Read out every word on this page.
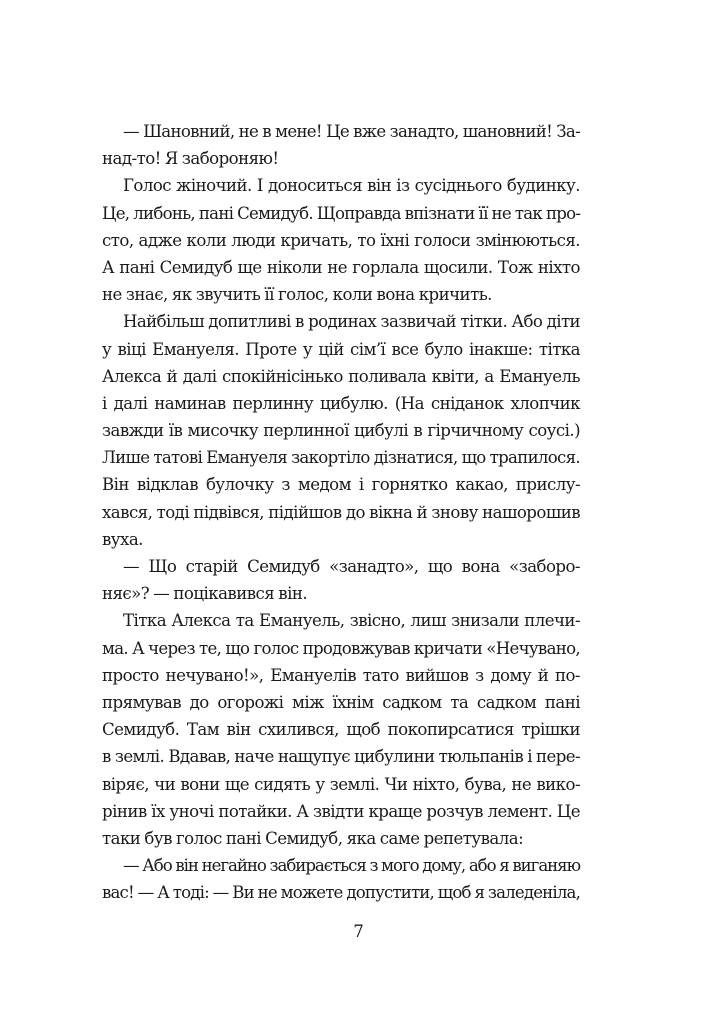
— Шановний, не в мене! Це вже занадто, шановний! За-
над-то! Я забороняю!
Голос жіночий. І доноситься він із сусіднього будинку.
Це, либонь, пані Семидуб. Щоправда впізнати її не так про-
сто, адже коли люди кричать, то їхні голоси змінюються.
А пані Семидуб ще ніколи не горлала щосили. Тож ніхто
не знає, як звучить її голос, коли вона кричить.
Найбільш допитливі в родинах зазвичай тітки. Або діти
у віці Емануеля. Проте у цій сім’ї все було інакше: тітка
Алекса й далі спокійнісінько поливала квіти, а Емануель
і далі наминав перлинну цибулю. (На сніданок хлопчик
завжди їв мисочку перлинної цибулі в гірчичному соусі.)
Лише татові Емануеля закортіло дізнатися, що трапилося.
Він відклав булочку з медом і горнятко какао, прислу-
хався, тоді підвівся, підійшов до вікна й знову нашорошив
вуха.
— Що старій Семидуб «занадто», що вона «заборо-
няє»? — поцікавився він.
Тітка Алекса та Емануель, звісно, лиш знизали плечи-
ма. А через те, що голос продовжував кричати «Нечувано,
просто нечувано!», Емануелів тато вийшов з дому й по-
прямував до огорожі між їхнім садком та садком пані
Семидуб. Там він схилився, щоб покопирсатися трішки
в землі. Вдавав, наче нащупує цибулини тюльпанів і пере-
віряє, чи вони ще сидять у землі. Чи ніхто, бува, не вико-
рінив їх уночі потайки. А звідти краще розчув лемент. Це
таки був голос пані Семидуб, яка саме репетувала:
— Або він негайно забирається з мого дому, або я виганяю
вас! — А тоді: — Ви не можете допустити, щоб я заледеніла,
7
